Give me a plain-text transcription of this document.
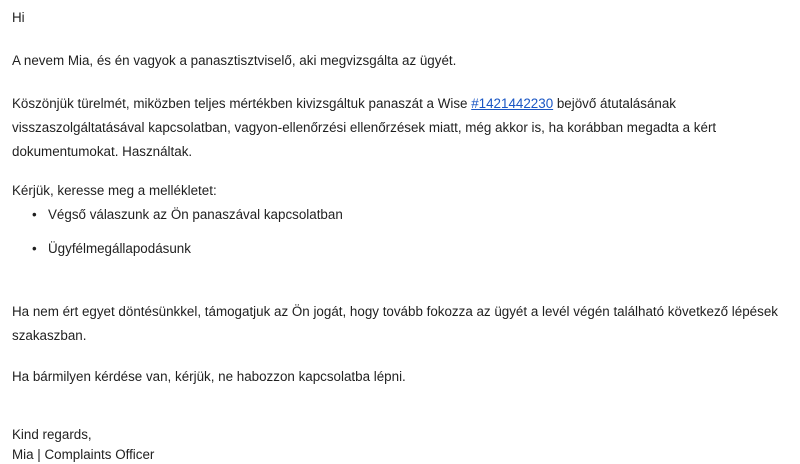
Hi
A nevem Mia, és én vagyok a panasztisztviselő, aki megvizsgálta az ügyét.
Köszönjük türelmét, miközben teljes mértékben kivizsgáltuk panaszát a Wise #1421442230 bejövő átutalásának visszaszolgáltatásával kapcsolatban, vagyon-ellenőrzési ellenőrzések miatt, még akkor is, ha korábban megadta a kért dokumentumokat. Használtak.
Kérjük, keresse meg a mellékletet:
• Végső válaszunk az Ön panaszával kapcsolatban
• Ügyfélmegállapodásunk
Ha nem ért egyet döntésünkkel, támogatjuk az Ön jogát, hogy tovább fokozza az ügyét a levél végén található következő lépések szakaszban.
Ha bármilyen kérdése van, kérjük, ne habozzon kapcsolatba lépni.
Kind regards,
Mia | Complaints Officer
